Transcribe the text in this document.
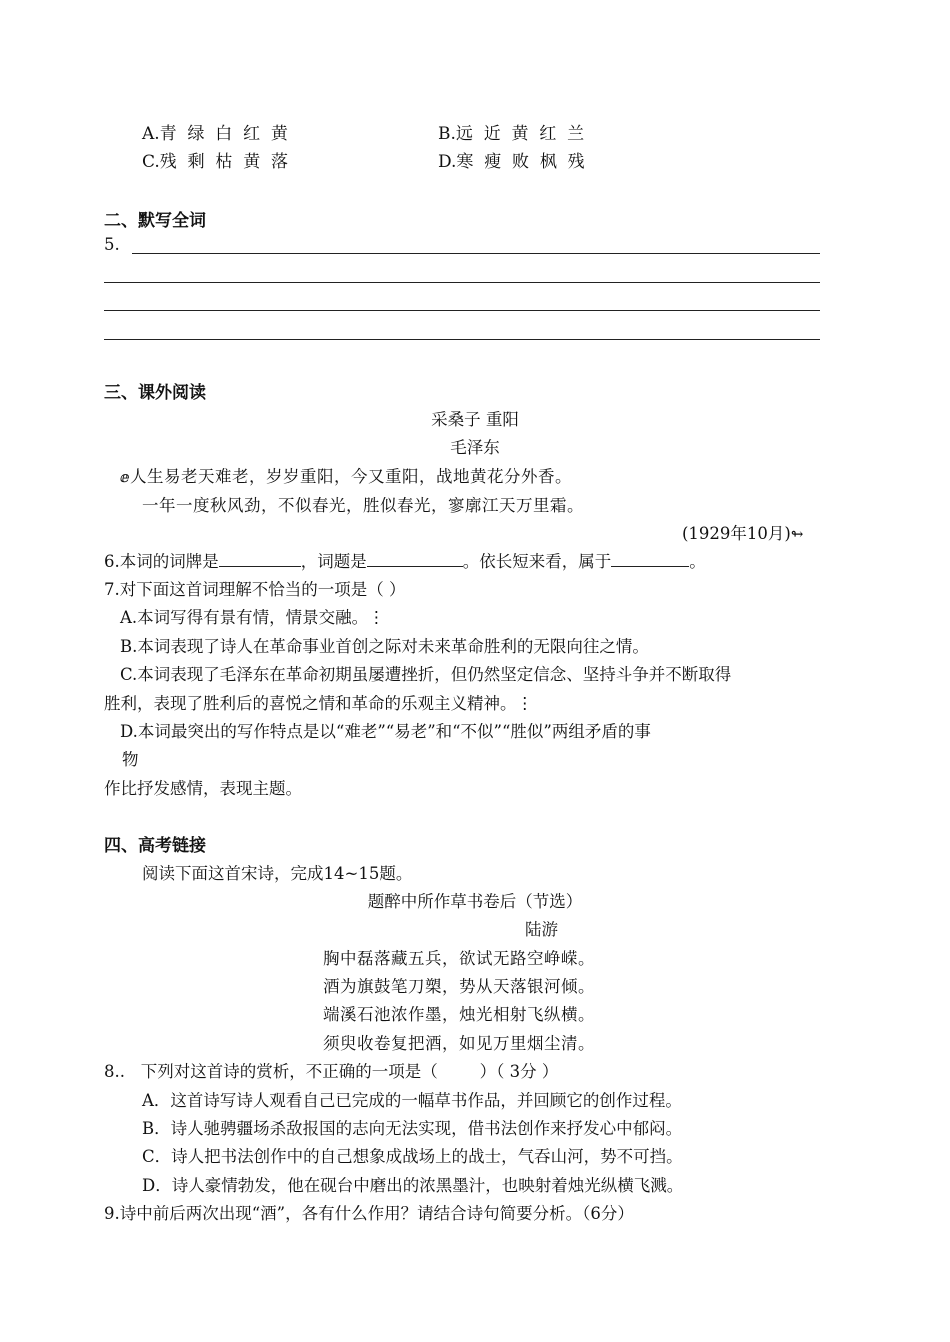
A.青  绿  白  红  黄	B.远  近  黄  红  兰
C.残  剩  枯  黄  落	D.寒  瘦  败  枫  残
二、默写全词
5.
三、课外阅读
采桑子 重阳
毛泽东
ⅇ人生易老天难老，岁岁重阳，今又重阳，战地黄花分外香。
一年一度秋风劲，不似春光，胜似春光，寥廓江天万里霜。
(1929年10月)↬
6.本词的词牌是	，词题是	。依长短来看，属于	。
7.对下面这首词理解不恰当的一项是（ ）
A.本词写得有景有情，情景交融。⋮
B.本词表现了诗人在革命事业首创之际对未来革命胜利的无限向往之情。
C.本词表现了毛泽东在革命初期虽屡遭挫折，但仍然坚定信念、坚持斗争并不断取得
胜利，表现了胜利后的喜悦之情和革命的乐观主义精神。⋮
D.本词最突出的写作特点是以“难老”“易老”和“不似”“胜似”两组矛盾的事
物
作比抒发感情，表现主题。
四、高考链接
阅读下面这首宋诗，完成14~15题。
题醉中所作草书卷后（节选）
陆游
胸中磊落藏五兵，欲试无路空峥嵘。
酒为旗鼓笔刀槊，势从天落银河倾。
端溪石池浓作墨，烛光相射飞纵横。
须臾收卷复把酒，如见万里烟尘清。
8..   下列对这首诗的赏析，不正确的一项是（        ）（ 3分 ）
A．这首诗写诗人观看自己已完成的一幅草书作品，并回顾它的创作过程。
B．诗人驰骋疆场杀敌报国的志向无法实现，借书法创作来抒发心中郁闷。
C．诗人把书法创作中的自己想象成战场上的战士，气吞山河，势不可挡。
D．诗人豪情勃发，他在砚台中磨出的浓黑墨汁，也映射着烛光纵横飞溅。
9.诗中前后两次出现“酒”，各有什么作用？请结合诗句简要分析。（6分）
